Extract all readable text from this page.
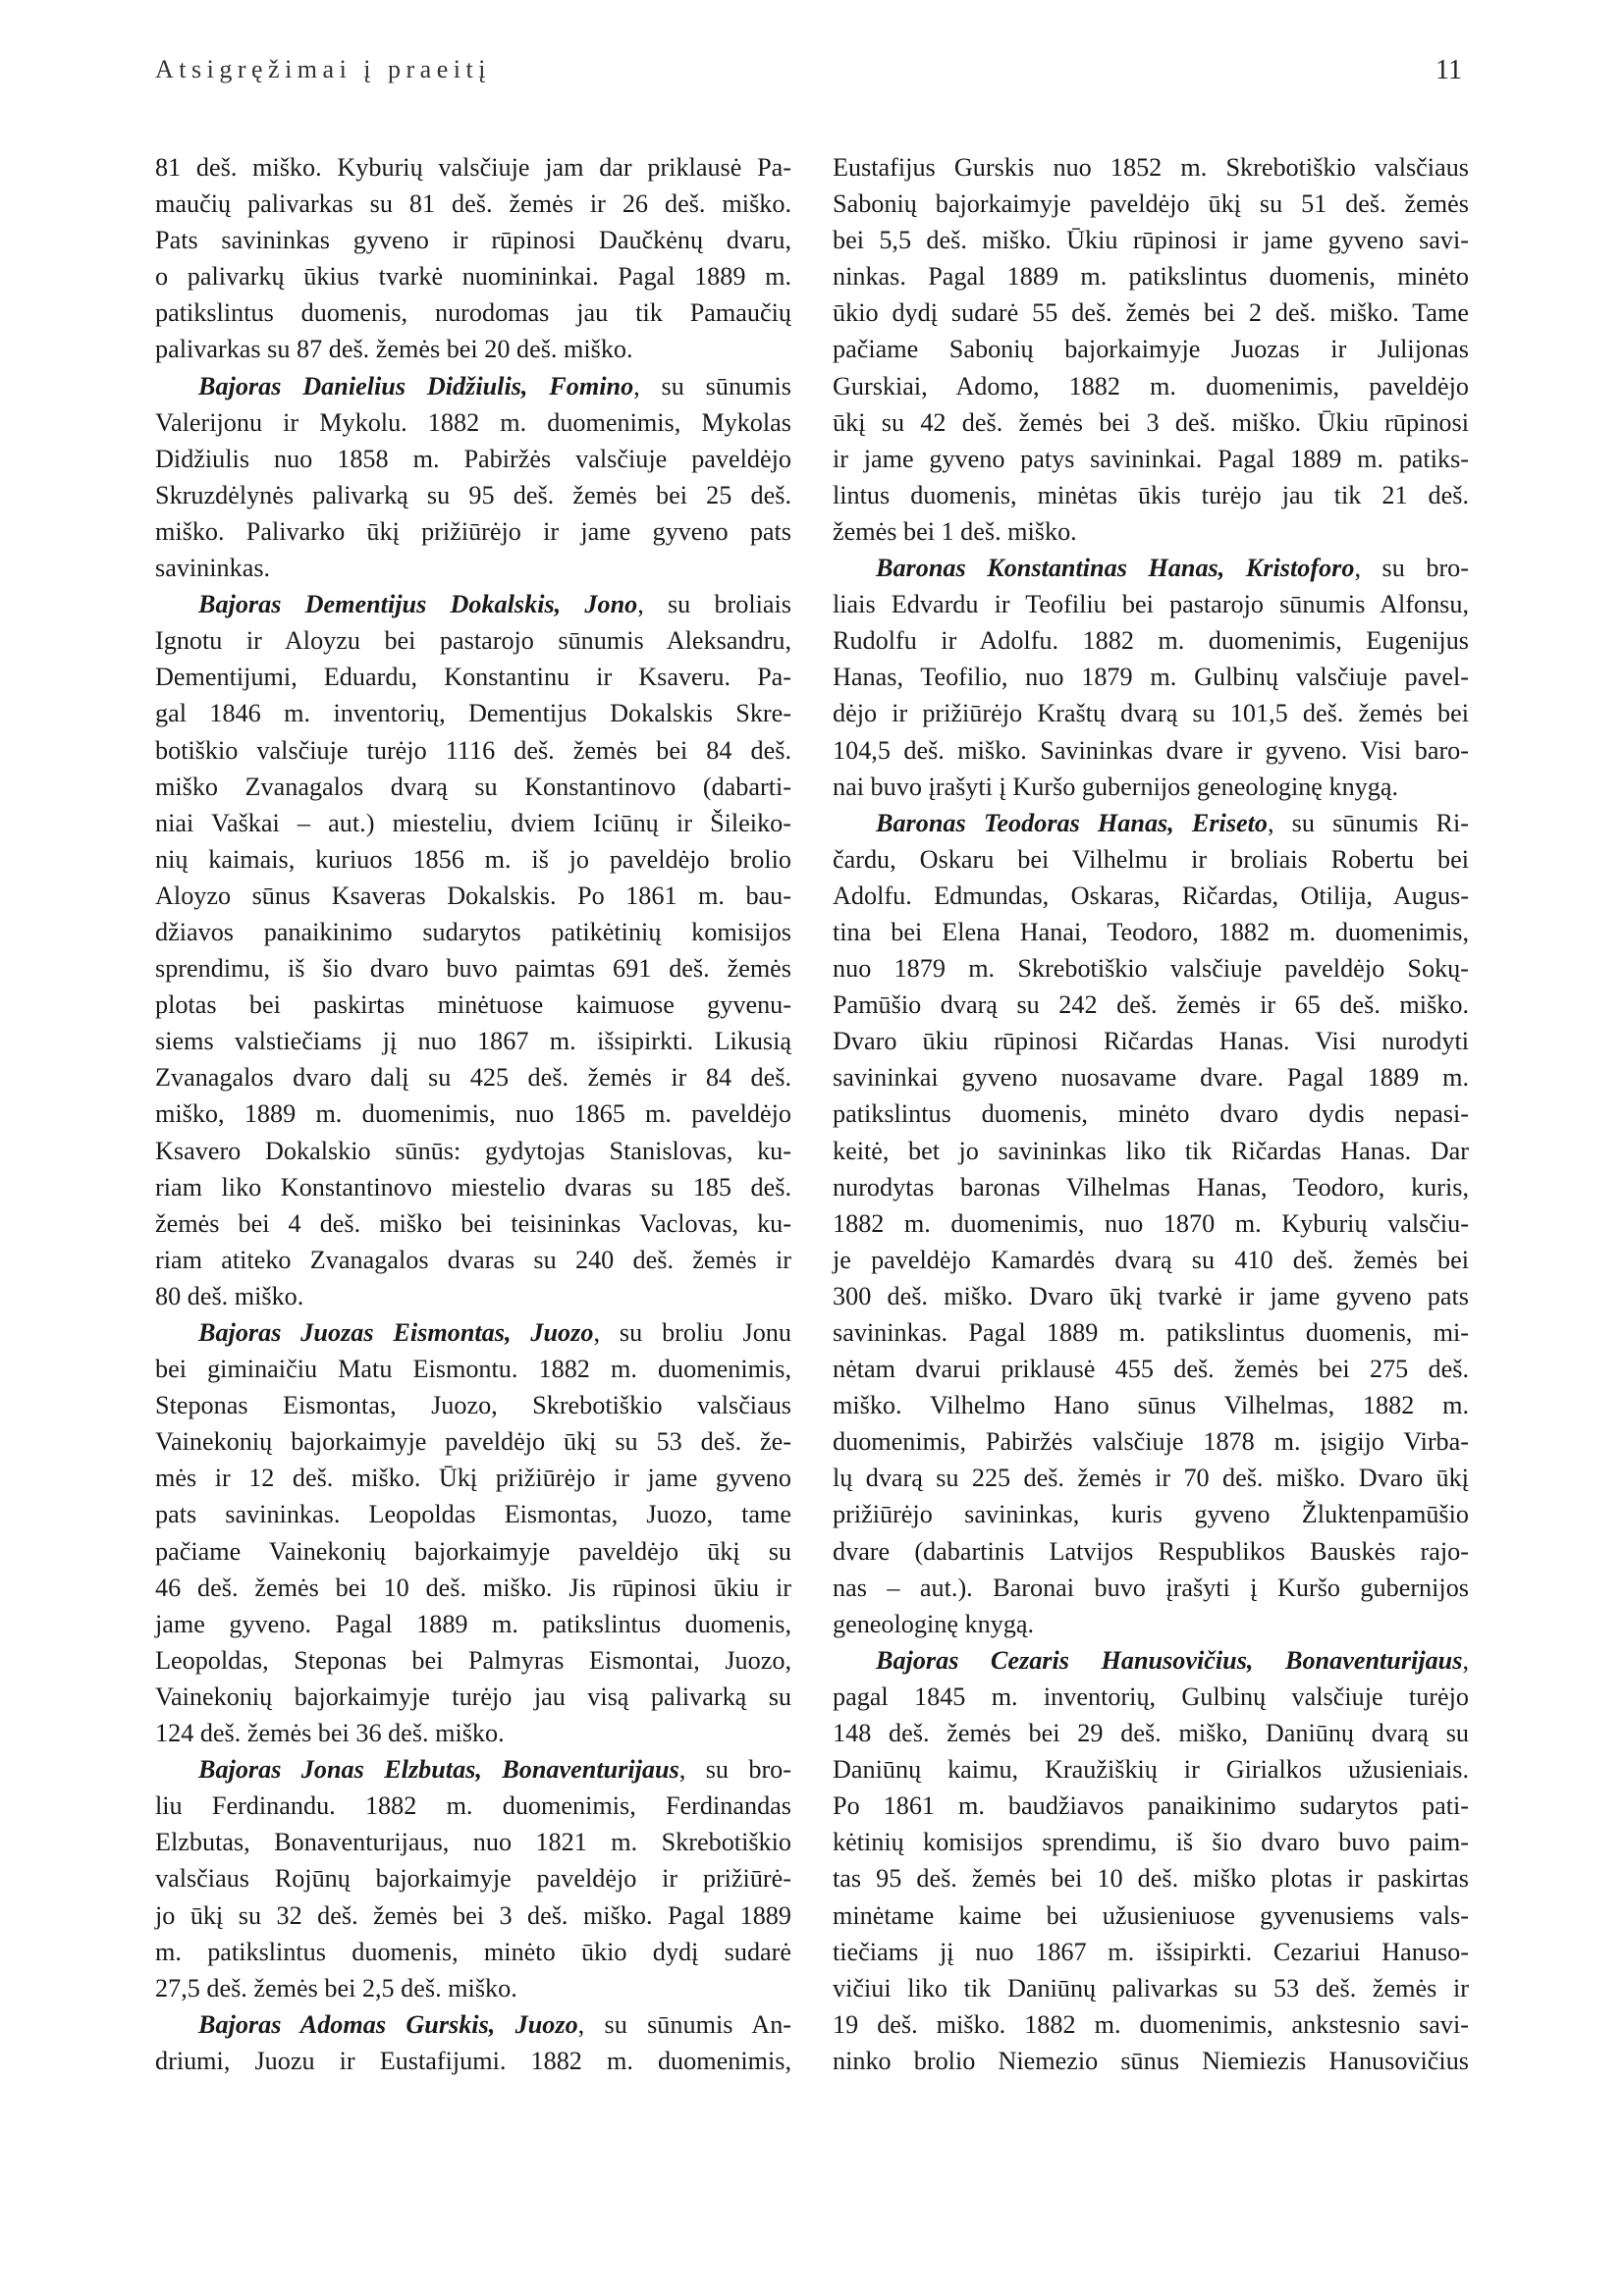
Atsigręžimai į praeitį	11
81 deš. miško. Kyburių valsčiuje jam dar priklausė Pa-
maučių palivarkas su 81 deš. žemės ir 26 deš. miško.
Pats savininkas gyveno ir rūpinosi Daučkėnų dvaru,
o palivarkų ūkius tvarkė nuomininkai. Pagal 1889 m.
patikslintus duomenis, nurodomas jau tik Pamaučių
palivarkas su 87 deš. žemės bei 20 deš. miško.
Bajoras Danielius Didžiulis, Fomino, su sūnumis
Valerijonu ir Mykolu. 1882 m. duomenimis, Mykolas
Didžiulis nuo 1858 m. Pabiržės valsčiuje paveldėjo
Skruzdėlynės palivarką su 95 deš. žemės bei 25 deš.
miško. Palivarko ūkį prižiūrėjo ir jame gyveno pats
savininkas.
Bajoras Dementijus Dokalskis, Jono, su broliais
Ignotu ir Aloyzu bei pastarojo sūnumis Aleksandru,
Dementijumi, Eduardu, Konstantinu ir Ksaveru. Pa-
gal 1846 m. inventorių, Dementijus Dokalskis Skre-
botiškio valsčiuje turėjo 1116 deš. žemės bei 84 deš.
miško Zvanagalos dvarą su Konstantinovo (dabarti-
niai Vaškai – aut.) miesteliu, dviem Iciūnų ir Šileiko-
nių kaimais, kuriuos 1856 m. iš jo paveldėjo brolio
Aloyzo sūnus Ksaveras Dokalskis. Po 1861 m. bau-
džiavos panaikinimo sudarytos patikėtinių komisijos
sprendimu, iš šio dvaro buvo paimtas 691 deš. žemės
plotas bei paskirtas minėtuose kaimuose gyvenu-
siems valstiečiams jį nuo 1867 m. išsipirkti. Likusią
Zvanagalos dvaro dalį su 425 deš. žemės ir 84 deš.
miško, 1889 m. duomenimis, nuo 1865 m. paveldėjo
Ksavero Dokalskio sūnūs: gydytojas Stanislovas, ku-
riam liko Konstantinovo miestelio dvaras su 185 deš.
žemės bei 4 deš. miško bei teisininkas Vaclovas, ku-
riam atiteko Zvanagalos dvaras su 240 deš. žemės ir
80 deš. miško.
Bajoras Juozas Eismontas, Juozo, su broliu Jonu
bei giminaičiu Matu Eismontu. 1882 m. duomenimis,
Steponas Eismontas, Juozo, Skrebotiškio valsčiaus
Vainekonių bajorkaimyje paveldėjo ūkį su 53 deš. že-
mės ir 12 deš. miško. Ūkį prižiūrėjo ir jame gyveno
pats savininkas. Leopoldas Eismontas, Juozo, tame
pačiame Vainekonių bajorkaimyje paveldėjo ūkį su
46 deš. žemės bei 10 deš. miško. Jis rūpinosi ūkiu ir
jame gyveno. Pagal 1889 m. patikslintus duomenis,
Leopoldas, Steponas bei Palmyras Eismontai, Juozo,
Vainekonių bajorkaimyje turėjo jau visą palivarką su
124 deš. žemės bei 36 deš. miško.
Bajoras Jonas Elzbutas, Bonaventurijaus, su bro-
liu Ferdinandu. 1882 m. duomenimis, Ferdinandas
Elzbutas, Bonaventurijaus, nuo 1821 m. Skrebotiškio
valsčiaus Rojūnų bajorkaimyje paveldėjo ir prižiūrė-
jo ūkį su 32 deš. žemės bei 3 deš. miško. Pagal 1889
m. patikslintus duomenis, minėto ūkio dydį sudarė
27,5 deš. žemės bei 2,5 deš. miško.
Bajoras Adomas Gurskis, Juozo, su sūnumis An-
driumi, Juozu ir Eustafijumi. 1882 m. duomenimis,
Eustafijus Gurskis nuo 1852 m. Skrebotiškio valsčiaus
Sabonių bajorkaimyje paveldėjo ūkį su 51 deš. žemės
bei 5,5 deš. miško. Ūkiu rūpinosi ir jame gyveno savi-
ninkas. Pagal 1889 m. patikslintus duomenis, minėto
ūkio dydį sudarė 55 deš. žemės bei 2 deš. miško. Tame
pačiame Sabonių bajorkaimyje Juozas ir Julijonas
Gurskiai, Adomo, 1882 m. duomenimis, paveldėjo
ūkį su 42 deš. žemės bei 3 deš. miško. Ūkiu rūpinosi
ir jame gyveno patys savininkai. Pagal 1889 m. patiks-
lintus duomenis, minėtas ūkis turėjo jau tik 21 deš.
žemės bei 1 deš. miško.
Baronas Konstantinas Hanas, Kristoforo, su bro-
liais Edvardu ir Teofiliu bei pastarojo sūnumis Alfonsu,
Rudolfu ir Adolfu. 1882 m. duomenimis, Eugenijus
Hanas, Teofilio, nuo 1879 m. Gulbinų valsčiuje pavel-
dėjo ir prižiūrėjo Kraštų dvarą su 101,5 deš. žemės bei
104,5 deš. miško. Savininkas dvare ir gyveno. Visi baro-
nai buvo įrašyti į Kuršo gubernijos geneologinę knygą.
Baronas Teodoras Hanas, Eriseto, su sūnumis Ri-
čardu, Oskaru bei Vilhelmu ir broliais Robertu bei
Adolfu. Edmundas, Oskaras, Ričardas, Otilija, Augus-
tina bei Elena Hanai, Teodoro, 1882 m. duomenimis,
nuo 1879 m. Skrebotiškio valsčiuje paveldėjo Sokų-
Pamūšio dvarą su 242 deš. žemės ir 65 deš. miško.
Dvaro ūkiu rūpinosi Ričardas Hanas. Visi nurodyti
savininkai gyveno nuosavame dvare. Pagal 1889 m.
patikslintus duomenis, minėto dvaro dydis nepasi-
keitė, bet jo savininkas liko tik Ričardas Hanas. Dar
nurodytas baronas Vilhelmas Hanas, Teodoro, kuris,
1882 m. duomenimis, nuo 1870 m. Kyburių valsčiu-
je paveldėjo Kamardės dvarą su 410 deš. žemės bei
300 deš. miško. Dvaro ūkį tvarkė ir jame gyveno pats
savininkas. Pagal 1889 m. patikslintus duomenis, mi-
nėtam dvarui priklausė 455 deš. žemės bei 275 deš.
miško. Vilhelmo Hano sūnus Vilhelmas, 1882 m.
duomenimis, Pabiržės valsčiuje 1878 m. įsigijo Virba-
lų dvarą su 225 deš. žemės ir 70 deš. miško. Dvaro ūkį
prižiūrėjo savininkas, kuris gyveno Žluktenpamūšio
dvare (dabartinis Latvijos Respublikos Bauskės rajo-
nas – aut.). Baronai buvo įrašyti į Kuršo gubernijos
geneologinę knygą.
Bajoras Cezaris Hanusovičius, Bonaventurijaus,
pagal 1845 m. inventorių, Gulbinų valsčiuje turėjo
148 deš. žemės bei 29 deš. miško, Daniūnų dvarą su
Daniūnų kaimu, Kraužiškių ir Girialkos užusieniais.
Po 1861 m. baudžiavos panaikinimo sudarytos pati-
kėtinių komisijos sprendimu, iš šio dvaro buvo paim-
tas 95 deš. žemės bei 10 deš. miško plotas ir paskirtas
minėtame kaime bei užusieniuose gyvenusiems vals-
tiečiams jį nuo 1867 m. išsipirkti. Cezariui Hanuso-
vičiui liko tik Daniūnų palivarkas su 53 deš. žemės ir
19 deš. miško. 1882 m. duomenimis, ankstesnio savi-
ninko brolio Niemezio sūnus Niemiezis Hanusovičius
